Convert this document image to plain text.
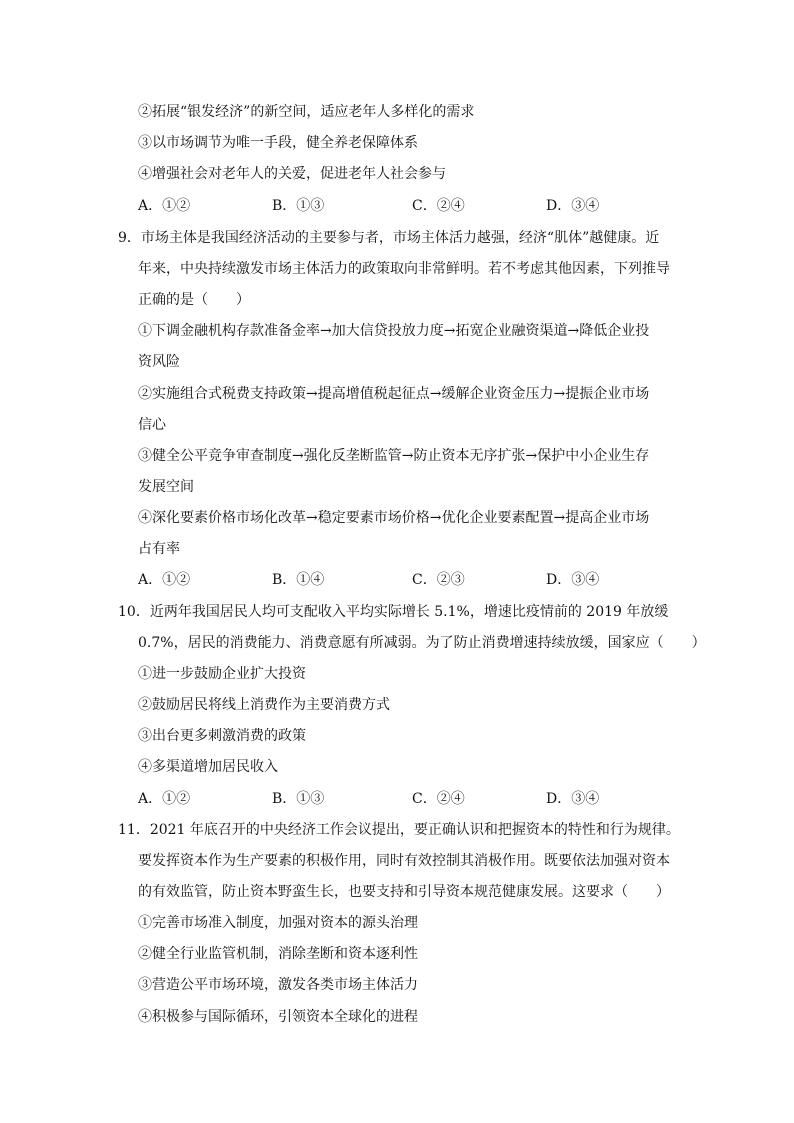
②拓展“银发经济”的新空间，适应老年人多样化的需求
③以市场调节为唯一手段，健全养老保障体系
④增强社会对老年人的关爱，促进老年人社会参与
A．①②	B．①③	C．②④	D．③④
9．市场主体是我国经济活动的主要参与者，市场主体活力越强，经济“肌体”越健康。近
年来，中央持续激发市场主体活力的政策取向非常鲜明。若不考虑其他因素，下列推导
正确的是（　　）
①下调金融机构存款准备金率→加大信贷投放力度→拓宽企业融资渠道→降低企业投
资风险
②实施组合式税费支持政策→提高增值税起征点→缓解企业资金压力→提振企业市场
信心
③健全公平竞争审查制度→强化反垄断监管→防止资本无序扩张→保护中小企业生存
发展空间
④深化要素价格市场化改革→稳定要素市场价格→优化企业要素配置→提高企业市场
占有率
A．①②	B．①④	C．②③	D．③④
10．近两年我国居民人均可支配收入平均实际增长 5.1%，增速比疫情前的 2019 年放缓
0.7%，居民的消费能力、消费意愿有所减弱。为了防止消费增速持续放缓，国家应（　　）
①进一步鼓励企业扩大投资
②鼓励居民将线上消费作为主要消费方式
③出台更多刺激消费的政策
④多渠道增加居民收入
A．①②	B．①③	C．②④	D．③④
11．2021 年底召开的中央经济工作会议提出，要正确认识和把握资本的特性和行为规律。
要发挥资本作为生产要素的积极作用，同时有效控制其消极作用。既要依法加强对资本
的有效监管，防止资本野蛮生长，也要支持和引导资本规范健康发展。这要求（　　）
①完善市场准入制度，加强对资本的源头治理
②健全行业监管机制，消除垄断和资本逐利性
③营造公平市场环境，激发各类市场主体活力
④积极参与国际循环，引领资本全球化的进程
